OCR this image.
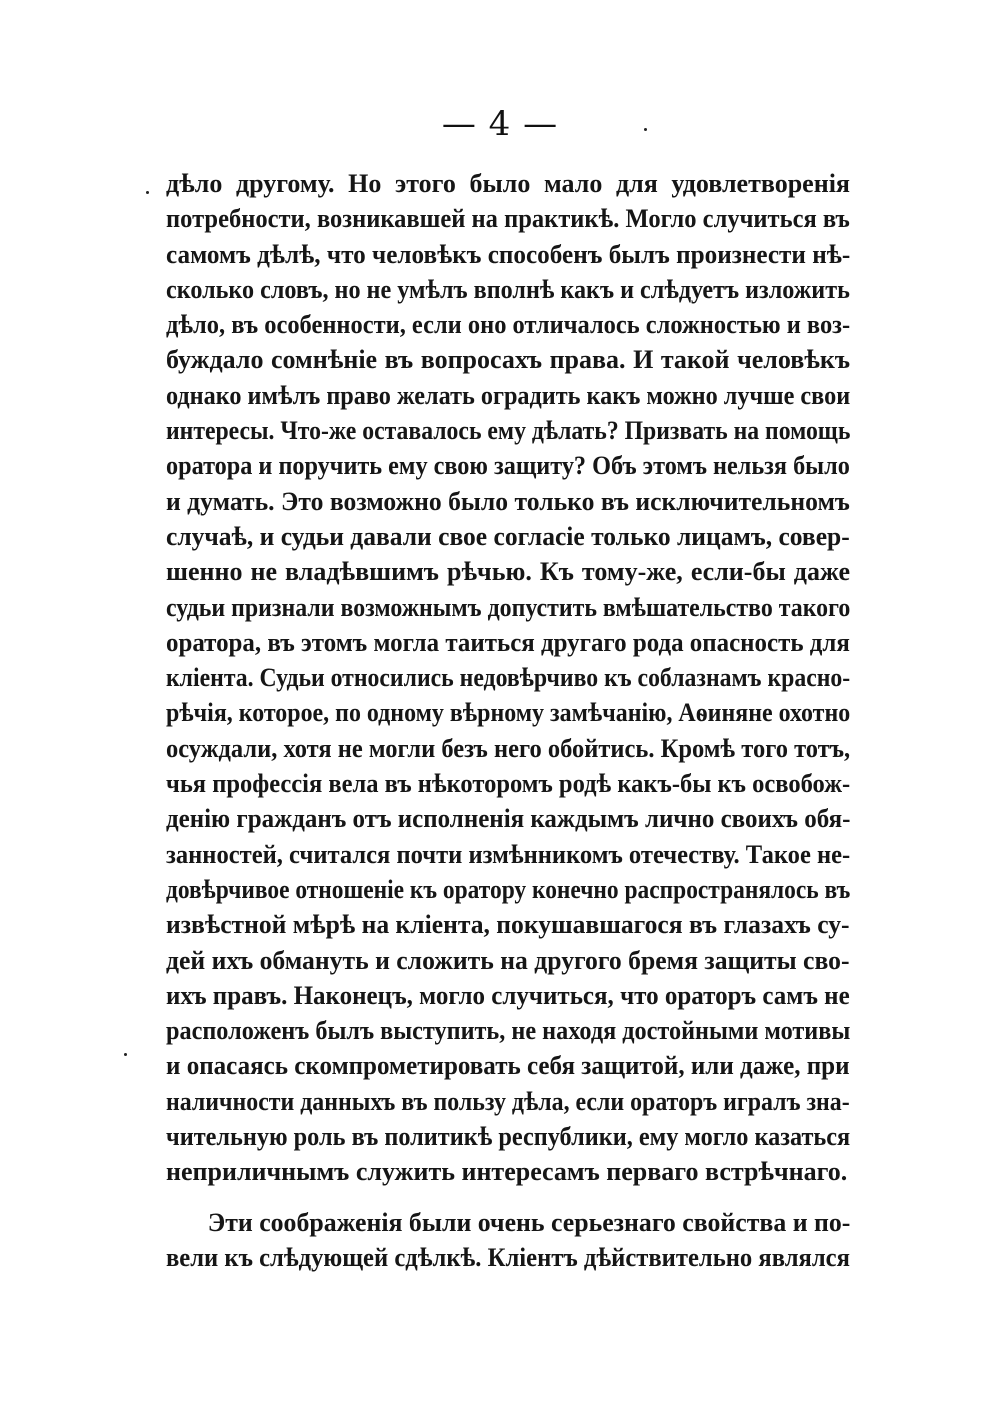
— 4 —
дѣло другому. Но этого было мало для удовлетворенія
потребности, возникавшей на практикѣ. Могло случиться въ
самомъ дѣлѣ, что человѣкъ способенъ былъ произнести нѣ-
сколько словъ, но не умѣлъ вполнѣ какъ и слѣдуетъ изложить
дѣло, въ особенности, если оно отличалось сложностью и воз-
буждало сомнѣніе въ вопросахъ права. И такой человѣкъ
однако имѣлъ право желать оградить какъ можно лучше свои
интересы. Что-же оставалось ему дѣлать? Призвать на помощь
оратора и поручить ему свою защиту? Объ этомъ нельзя было
и думать. Это возможно было только въ исключительномъ
случаѣ, и судьи давали свое согласіе только лицамъ, совер-
шенно не владѣвшимъ рѣчью. Къ тому-же, если-бы даже
судьи признали возможнымъ допустить вмѣшательство такого
оратора, въ этомъ могла таиться другаго рода опасность для
кліента. Судьи относились недовѣрчиво къ соблазнамъ красно-
рѣчія, которое, по одному вѣрному замѣчанію, Аѳиняне охотно
осуждали, хотя не могли безъ него обойтись. Кромѣ того тотъ,
чья профессія вела въ нѣкоторомъ родѣ какъ-бы къ освобож-
денію гражданъ отъ исполненія каждымъ лично своихъ обя-
занностей, считался почти измѣнникомъ отечеству. Такое не-
довѣрчивое отношеніе къ оратору конечно распространялось въ
извѣстной мѣрѣ на кліента, покушавшагося въ глазахъ су-
дей ихъ обмануть и сложить на другого бремя защиты сво-
ихъ правъ. Наконецъ, могло случиться, что ораторъ самъ не
расположенъ былъ выступить, не находя достойными мотивы
и опасаясь скомпрометировать себя защитой, или даже, при
наличности данныхъ въ пользу дѣла, если ораторъ игралъ зна-
чительную роль въ политикѣ республики, ему могло казаться
неприличнымъ служить интересамъ перваго встрѣчнаго.
Эти соображенія были очень серьезнаго свойства и по-
вели къ слѣдующей сдѣлкѣ. Кліентъ дѣйствительно являлся
